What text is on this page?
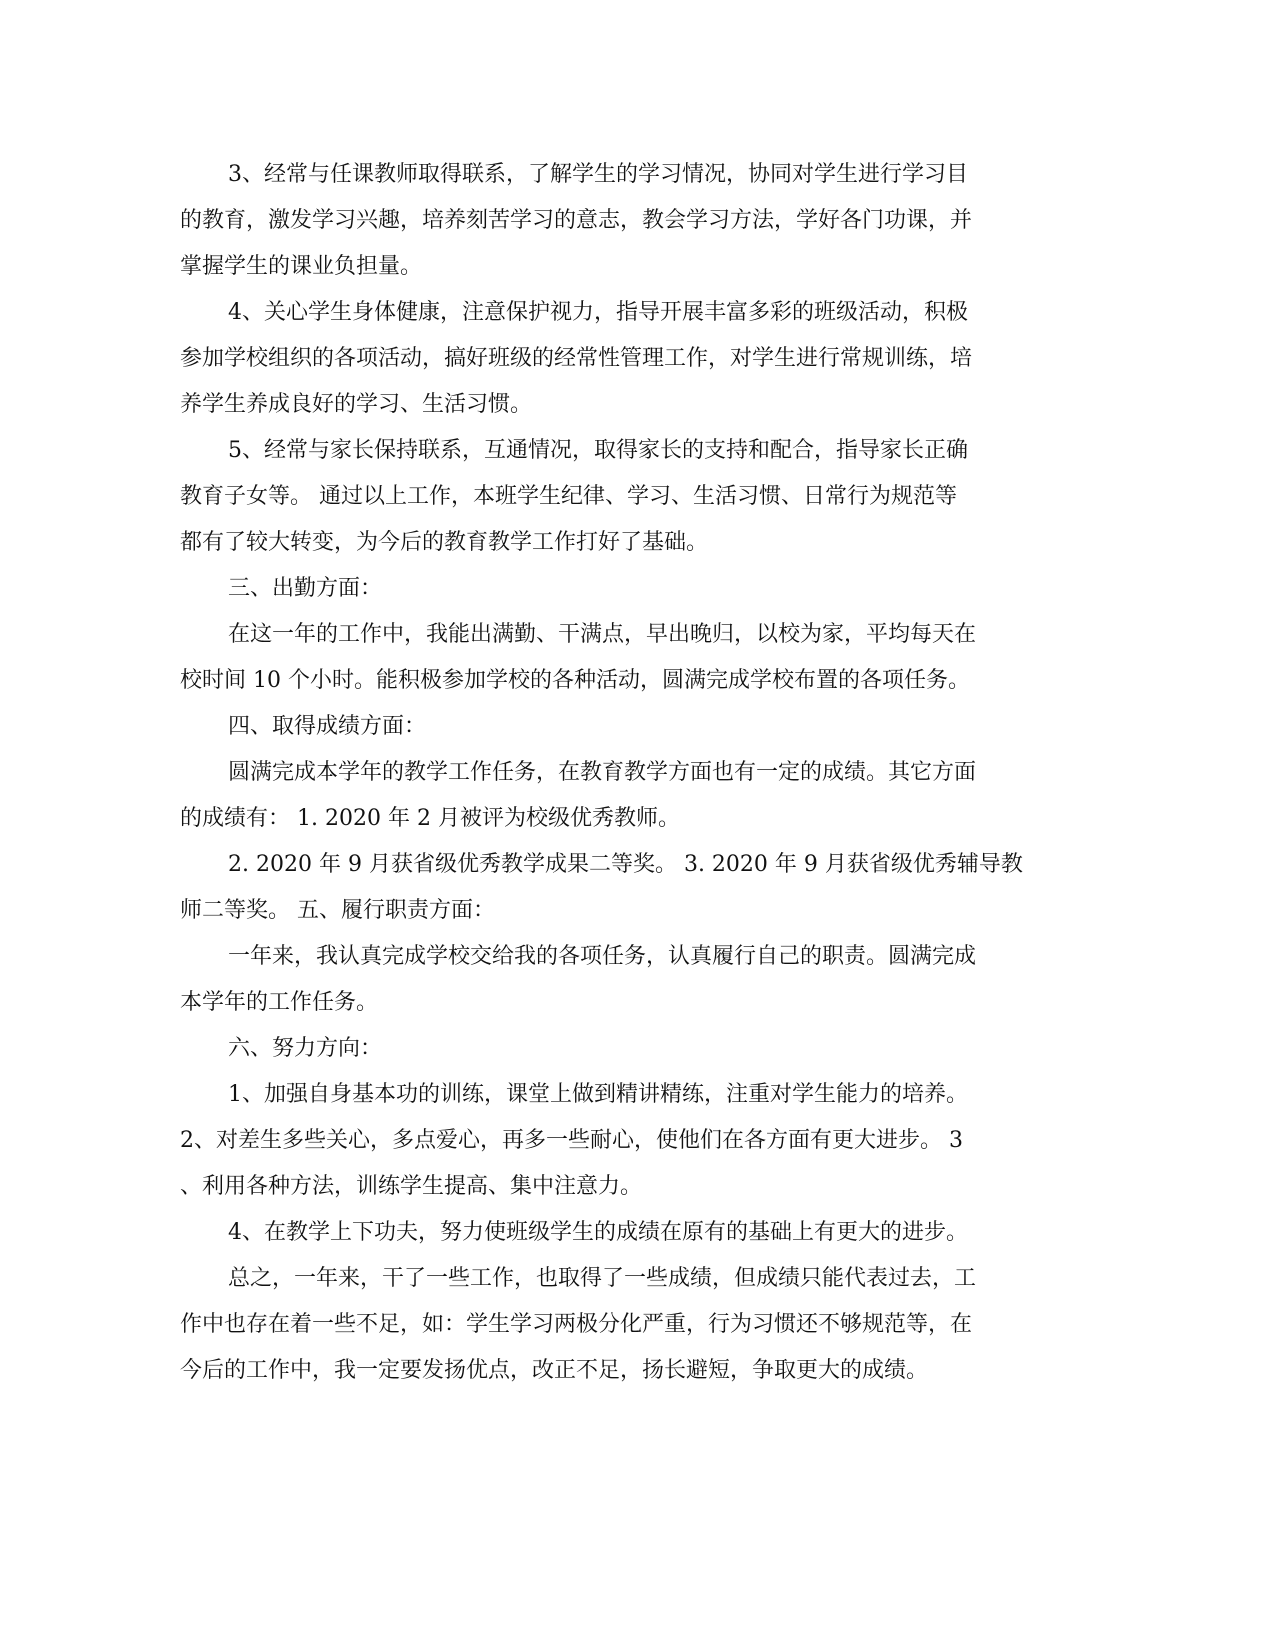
3、经常与任课教师取得联系，了解学生的学习情况，协同对学生进行学习目
的教育，激发学习兴趣，培养刻苦学习的意志，教会学习方法，学好各门功课，并
掌握学生的课业负担量。
4、关心学生身体健康，注意保护视力，指导开展丰富多彩的班级活动，积极
参加学校组织的各项活动，搞好班级的经常性管理工作，对学生进行常规训练，培
养学生养成良好的学习、生活习惯。
5、经常与家长保持联系，互通情况，取得家长的支持和配合，指导家长正确
教育子女等。 通过以上工作，本班学生纪律、学习、生活习惯、日常行为规范等
都有了较大转变，为今后的教育教学工作打好了基础。
三、出勤方面：
在这一年的工作中，我能出满勤、干满点，早出晚归，以校为家，平均每天在
校时间 10 个小时。能积极参加学校的各种活动，圆满完成学校布置的各项任务。
四、取得成绩方面：
圆满完成本学年的教学工作任务，在教育教学方面也有一定的成绩。其它方面
的成绩有： 1. 2020 年 2 月被评为校级优秀教师。
2. 2020 年 9 月获省级优秀教学成果二等奖。 3. 2020 年 9 月获省级优秀辅导教
师二等奖。 五、履行职责方面：
一年来，我认真完成学校交给我的各项任务，认真履行自己的职责。圆满完成
本学年的工作任务。
六、努力方向：
1、加强自身基本功的训练，课堂上做到精讲精练，注重对学生能力的培养。
2、对差生多些关心，多点爱心，再多一些耐心，使他们在各方面有更大进步。 3
、利用各种方法，训练学生提高、集中注意力。
4、在教学上下功夫，努力使班级学生的成绩在原有的基础上有更大的进步。
总之，一年来，干了一些工作，也取得了一些成绩，但成绩只能代表过去，工
作中也存在着一些不足，如：学生学习两极分化严重，行为习惯还不够规范等，在
今后的工作中，我一定要发扬优点，改正不足，扬长避短，争取更大的成绩。
